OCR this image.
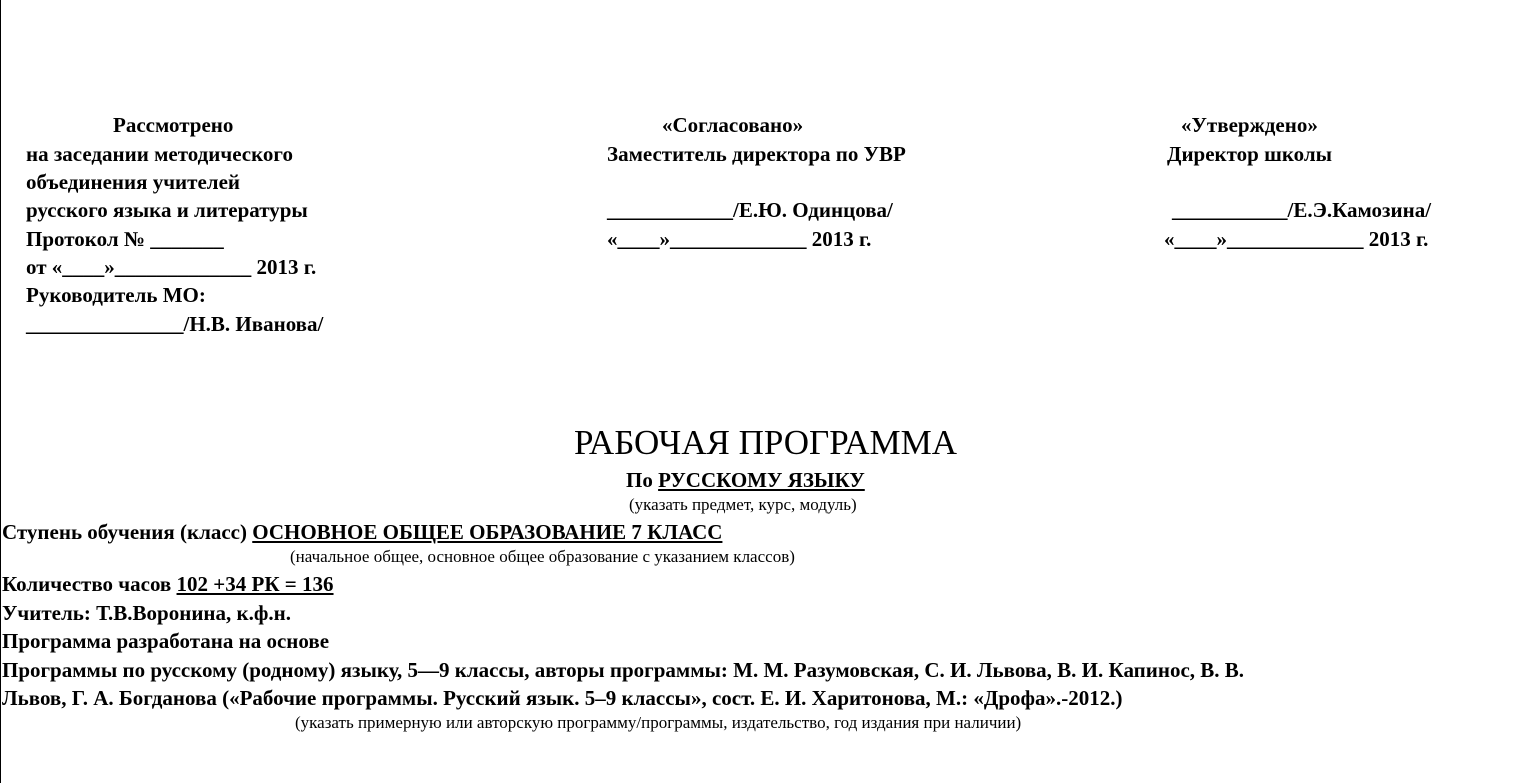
Рассмотрено
на заседании методического
объединения учителей
русского языка и литературы
Протокол № _______
от «____»_____________ 2013 г.
Руководитель МО:
_______________/Н.В. Иванова/
«Согласовано»
Заместитель директора по УВР
____________/Е.Ю. Одинцова/
«____»_____________ 2013 г.
«Утверждено»
Директор школы
___________/Е.Э.Камозина/
«____»_____________ 2013 г.
РАБОЧАЯ ПРОГРАММА
По РУССКОМУ ЯЗЫКУ
(указать предмет, курс, модуль)
Ступень обучения (класс) ОСНОВНОЕ ОБЩЕЕ ОБРАЗОВАНИЕ 7 КЛАСС
(начальное общее, основное общее образование с указанием классов)
Количество часов 102 +34 РК = 136
Учитель: Т.В.Воронина, к.ф.н.
Программа разработана на основе
Программы по русскому (родному) языку, 5—9 классы, авторы программы: М. М. Разумовская, С. И. Львова, В. И. Капинос, В. В.
Львов, Г. А. Богданова («Рабочие программы. Русский язык. 5–9 классы», сост. Е. И. Харитонова, М.: «Дрофа».-2012.)
(указать примерную или авторскую программу/программы, издательство, год издания при наличии)
